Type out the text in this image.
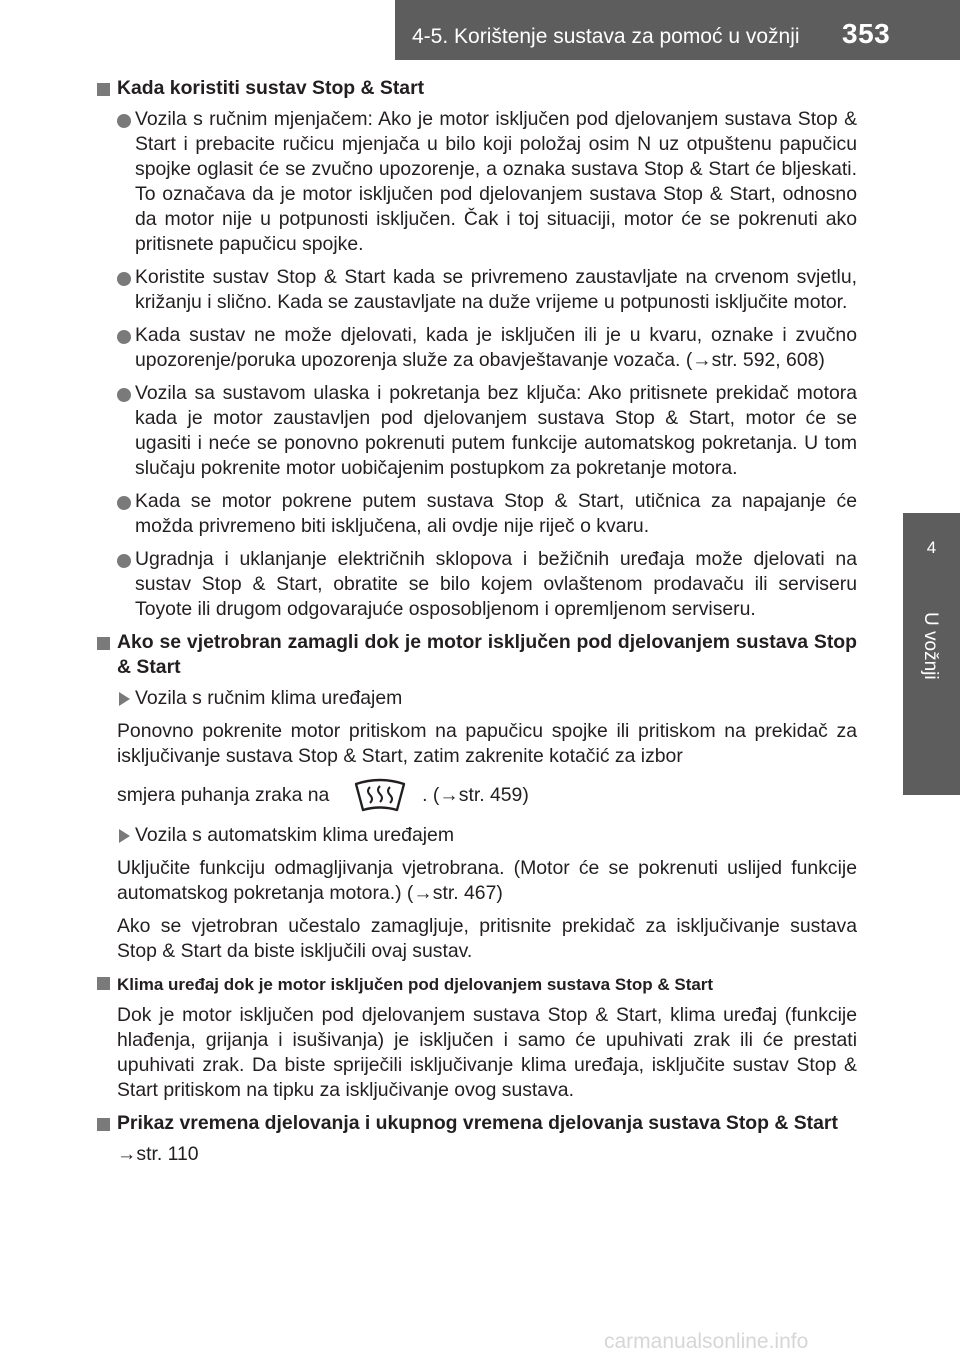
4-5. Korištenje sustava za pomoć u vožnji 353
4
U vožnji
Kada koristiti sustav Stop & Start
Vozila s ručnim mjenjačem: Ako je motor isključen pod djelovanjem sustava Stop & Start i prebacite ručicu mjenjača u bilo koji položaj osim N uz otpuštenu papučicu spojke oglasit će se zvučno upozorenje, a oznaka sustava Stop & Start će bljeskati. To označava da je motor isključen pod djelovanjem sustava Stop & Start, odnosno da motor nije u potpunosti isključen. Čak i toj situaciji, motor će se pokrenuti ako pritisnete papučicu spojke.
Koristite sustav Stop & Start kada se privremeno zaustavljate na crvenom svjetlu, križanju i slično. Kada se zaustavljate na duže vrijeme u potpunosti isključite motor.
Kada sustav ne može djelovati, kada je isključen ili je u kvaru, oznake i zvučno upozorenje/poruka upozorenja služe za obavještavanje vozača. (→str. 592, 608)
Vozila sa sustavom ulaska i pokretanja bez ključa: Ako pritisnete prekidač motora kada je motor zaustavljen pod djelovanjem sustava Stop & Start, motor će se ugasiti i neće se ponovno pokrenuti putem funkcije automatskog pokretanja. U tom slučaju pokrenite motor uobičajenim postupkom za pokretanje motora.
Kada se motor pokrene putem sustava Stop & Start, utičnica za napajanje će možda privremeno biti isključena, ali ovdje nije riječ o kvaru.
Ugradnja i uklanjanje električnih sklopova i bežičnih uređaja može djelovati na sustav Stop & Start, obratite se bilo kojem ovlaštenom prodavaču ili serviseru Toyote ili drugom odgovarajuće osposobljenom i opremljenom serviseru.
Ako se vjetrobran zamagli dok je motor isključen pod djelovanjem sustava Stop & Start
Vozila s ručnim klima uređajem
Ponovno pokrenite motor pritiskom na papučicu spojke ili pritiskom na prekidač za isključivanje sustava Stop & Start, zatim zakrenite kotačić za izbor
smjera puhanja zraka na	. (→str. 459)
Vozila s automatskim klima uređajem
Uključite funkciju odmagljivanja vjetrobrana. (Motor će se pokrenuti uslijed funkcije automatskog pokretanja motora.) (→str. 467)
Ako se vjetrobran učestalo zamagljuje, pritisnite prekidač za isključivanje sustava Stop & Start da biste isključili ovaj sustav.
Klima uređaj dok je motor isključen pod djelovanjem sustava Stop & Start
Dok je motor isključen pod djelovanjem sustava Stop & Start, klima uređaj (funkcije hlađenja, grijanja i isušivanja) je isključen i samo će upuhivati zrak ili će prestati upuhivati zrak. Da biste spriječili isključivanje klima uređaja, isključite sustav Stop & Start pritiskom na tipku za isključivanje ovog sustava.
Prikaz vremena djelovanja i ukupnog vremena djelovanja sustava Stop & Start
→str. 110
carmanualsonline.info
